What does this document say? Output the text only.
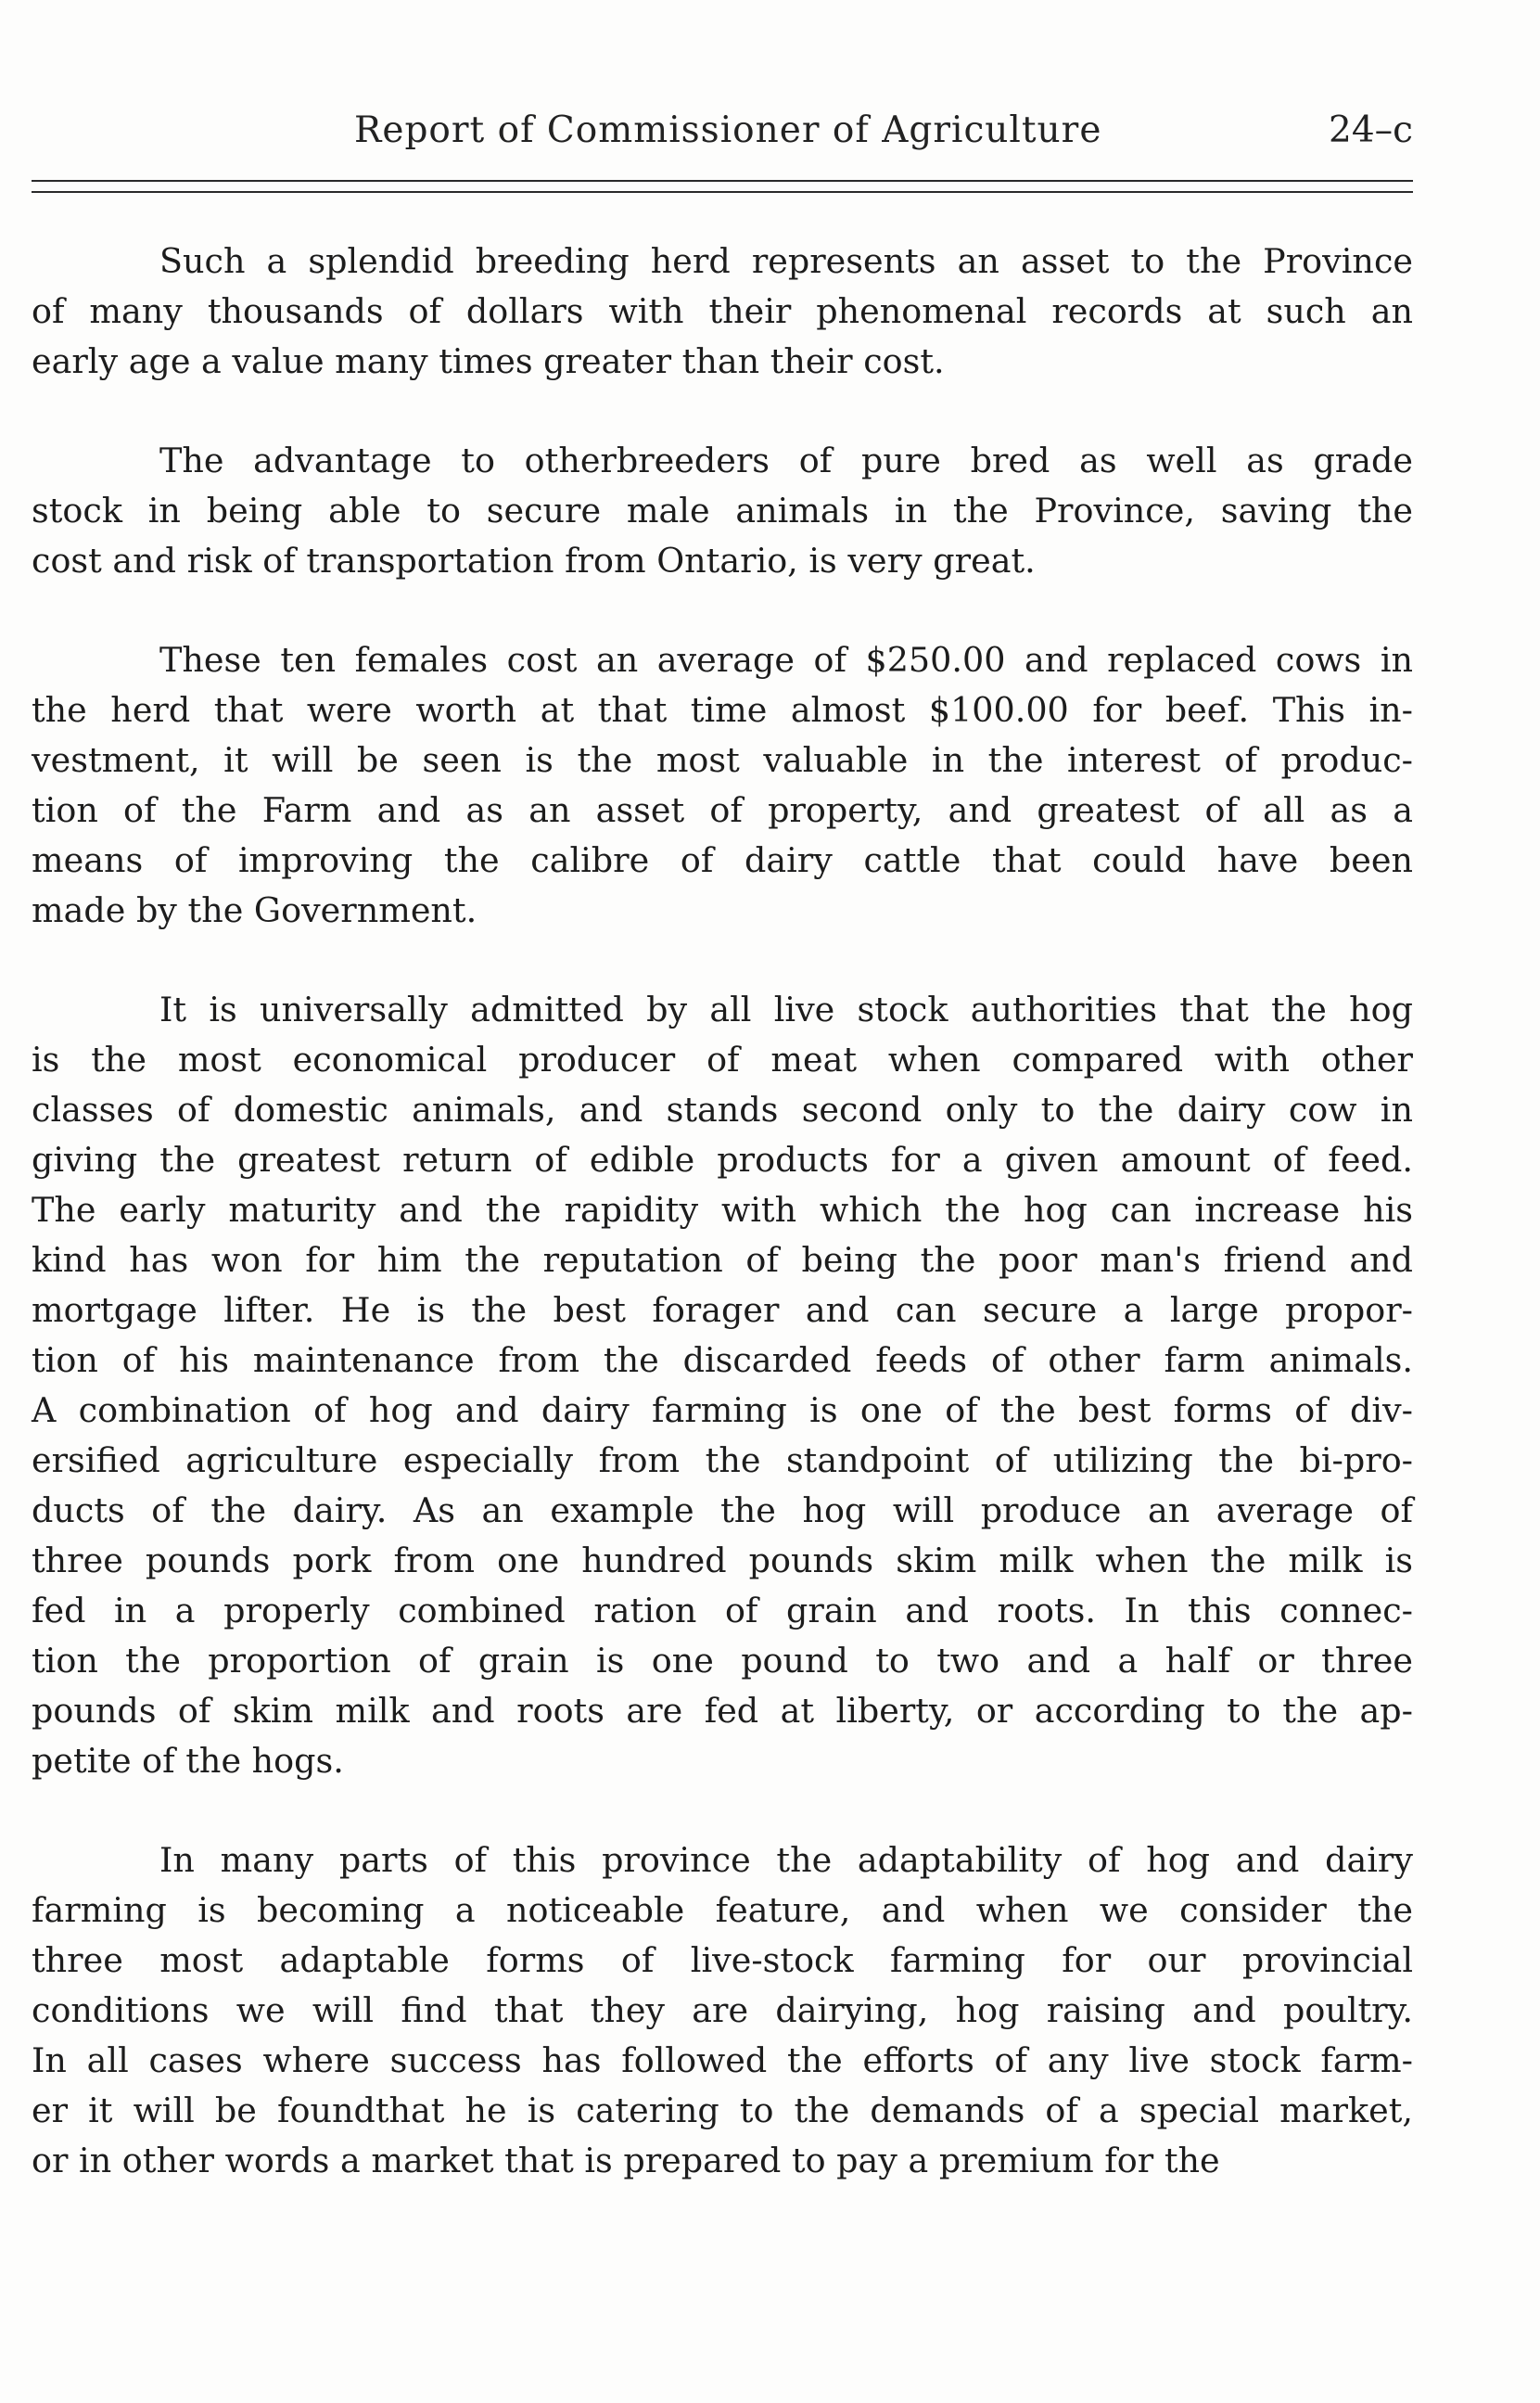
Report of Commissioner of Agriculture	24–c
Such a splendid breeding herd represents an asset to the Province
of many thousands of dollars with their phenomenal records at such an
early age a value many times greater than their cost.
The advantage to otherbreeders of pure bred as well as grade
stock in being able to secure male animals in the Province, saving the
cost and risk of transportation from Ontario, is very great.
These ten females cost an average of $250.00 and replaced cows in
the herd that were worth at that time almost $100.00 for beef. This in-
vestment, it will be seen is the most valuable in the interest of produc-
tion of the Farm and as an asset of property, and greatest of all as a
means of improving the calibre of dairy cattle that could have been
made by the Government.
It is universally admitted by all live stock authorities that the hog
is the most economical producer of meat when compared with other
classes of domestic animals, and stands second only to the dairy cow in
giving the greatest return of edible products for a given amount of feed.
The early maturity and the rapidity with which the hog can increase his
kind has won for him the reputation of being the poor man's friend and
mortgage lifter. He is the best forager and can secure a large propor-
tion of his maintenance from the discarded feeds of other farm animals.
A combination of hog and dairy farming is one of the best forms of div-
ersified agriculture especially from the standpoint of utilizing the bi-pro-
ducts of the dairy. As an example the hog will produce an average of
three pounds pork from one hundred pounds skim milk when the milk is
fed in a properly combined ration of grain and roots. In this connec-
tion the proportion of grain is one pound to two and a half or three
pounds of skim milk and roots are fed at liberty, or according to the ap-
petite of the hogs.
In many parts of this province the adaptability of hog and dairy
farming is becoming a noticeable feature, and when we consider the
three most adaptable forms of live-stock farming for our provincial
conditions we will find that they are dairying, hog raising and poultry.
In all cases where success has followed the efforts of any live stock farm-
er it will be foundthat he is catering to the demands of a special market,
or in other words a market that is prepared to pay a premium for the
